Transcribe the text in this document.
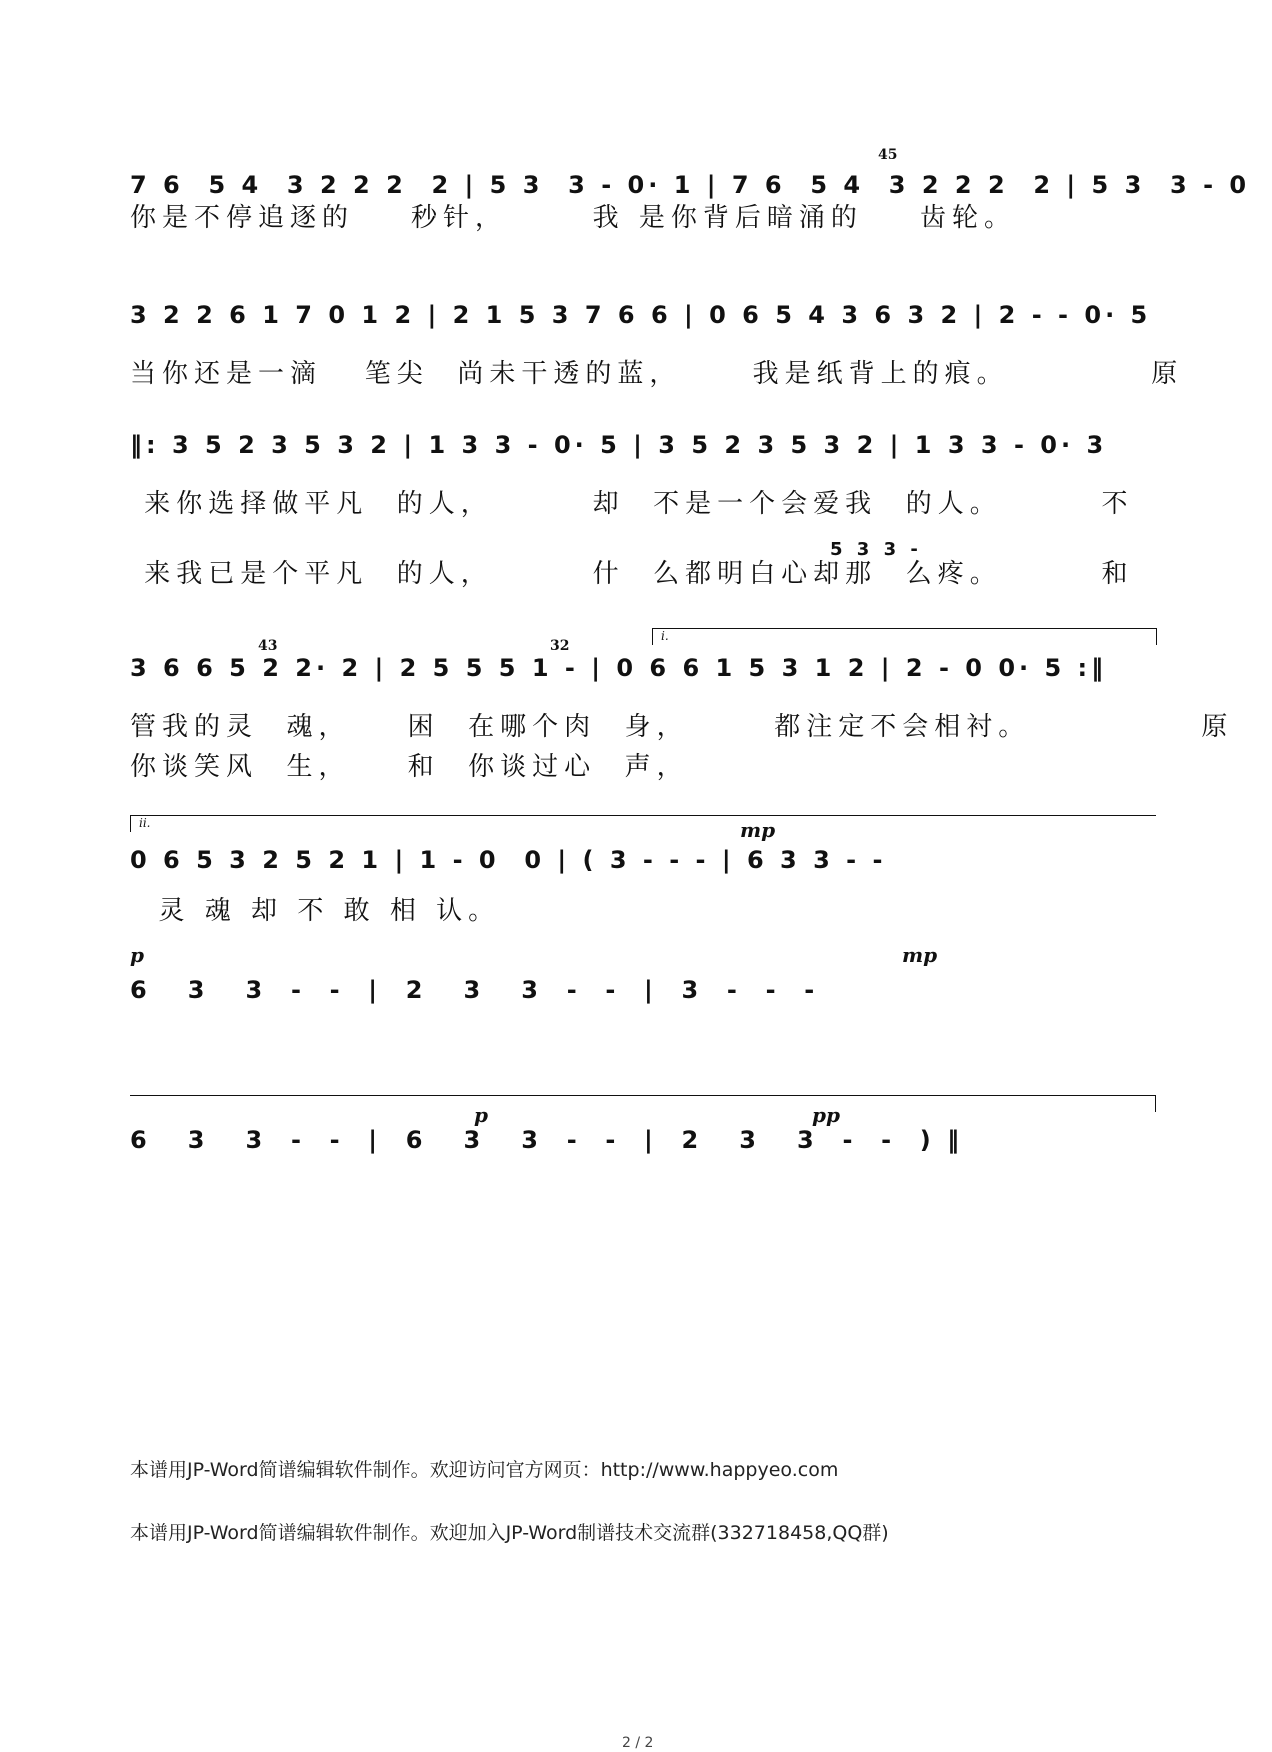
7 6  5 4  3 2 2 2  2 | 5 3  3 - 0· 1 | 7 6  5 4  3 2 2 2  2 | 5 3  3 - 0
45
你是不停追逐的    秒针，      我 是你背后暗涌的    齿轮。
3 2 2 6 1 7 0 1 2 | 2 1 5 3 7 6 6 | 0 6 5 4 3 6 3 2 | 2 - - 0· 5
当你还是一滴   笔尖  尚未干透的蓝，     我是纸背上的痕。          原
‖: 3 5 2 3 5 3 2 | 1 3 3 - 0· 5 | 3 5 2 3 5 3 2 | 1 3 3 - 0· 3
来你选择做平凡  的人，       却  不是一个会爱我  的人。       不
5 3 3 -
来我已是个平凡  的人，       什  么都明白心却那  么疼。       和
i.
3 6 6 5 2 2· 2 | 2 5 5 5 1 - | 0 6 6 1 5 3 1 2 | 2 - 0 0· 5 :‖
43	32
管我的灵  魂，    困  在哪个肉  身，      都注定不会相衬。            原
你谈笑风  生，    和  你谈过心  声，
ii.	mp
0 6 5 3 2 5 2 1 | 1 - 0  0 | ( 3 - - - | 6 3 3 - -
灵 魂 却 不 敢 相 认。
p	mp
6   3   3  -  -  |  2   3   3  -  -  |  3  -  -  -
p	pp
6   3   3  -  -  |  6   3   3  -  -  |  2   3   3  -  -  ) ‖
本谱用JP-Word简谱编辑软件制作。欢迎访问官方网页：http://www.happyeo.com
本谱用JP-Word简谱编辑软件制作。欢迎加入JP-Word制谱技术交流群(332718458,QQ群)
2 / 2
